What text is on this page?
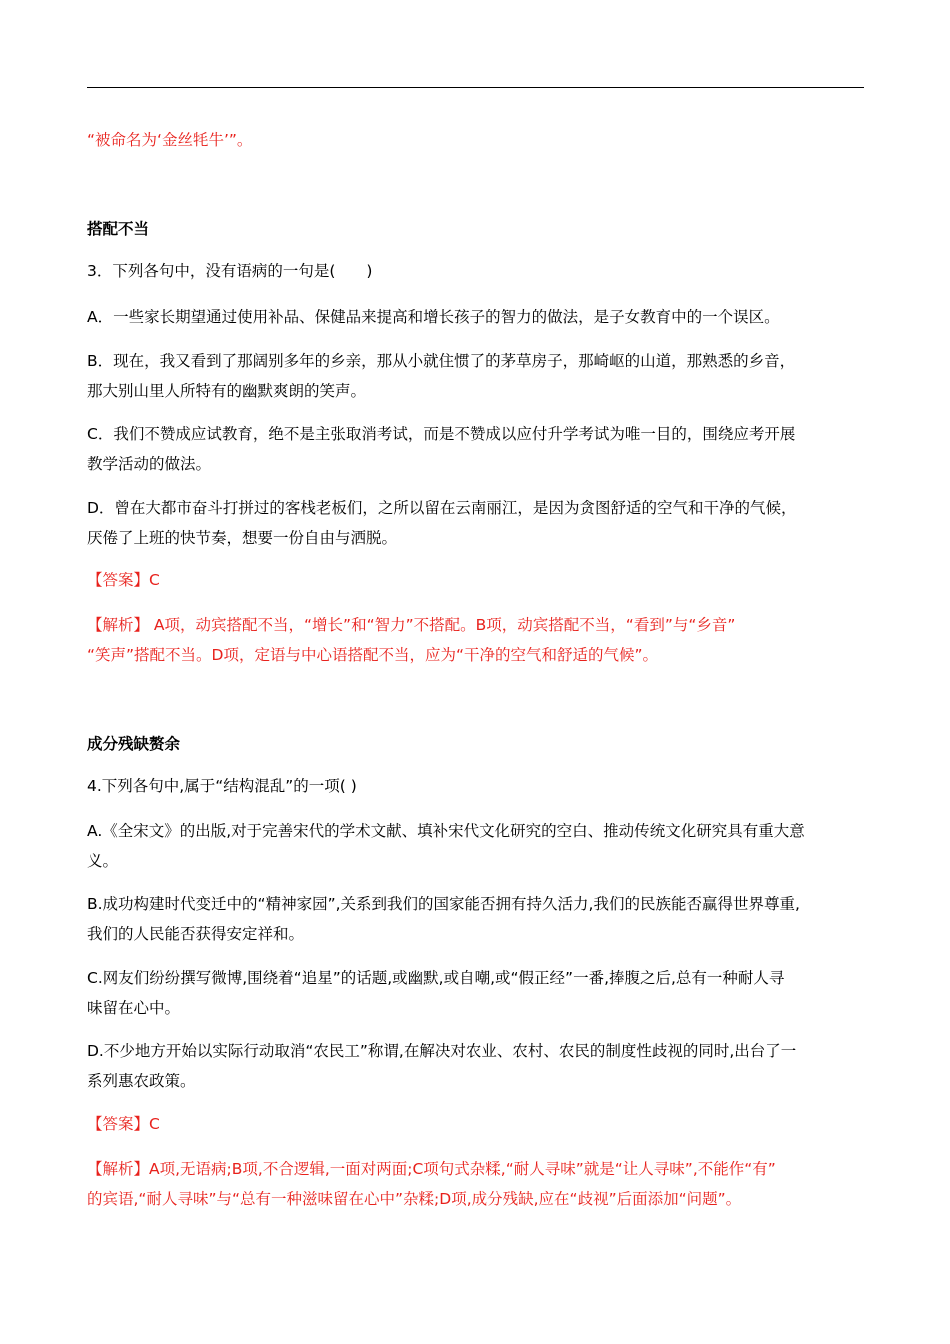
“被命名为‘金丝牦牛’”。
搭配不当
3．下列各句中，没有语病的一句是(　　)
A．一些家长期望通过使用补品、保健品来提高和增长孩子的智力的做法，是子女教育中的一个误区。
B．现在，我又看到了那阔别多年的乡亲，那从小就住惯了的茅草房子，那崎岖的山道，那熟悉的乡音，
那大别山里人所特有的幽默爽朗的笑声。
C．我们不赞成应试教育，绝不是主张取消考试，而是不赞成以应付升学考试为唯一目的，围绕应考开展
教学活动的做法。
D．曾在大都市奋斗打拼过的客栈老板们，之所以留在云南丽江，是因为贪图舒适的空气和干净的气候，
厌倦了上班的快节奏，想要一份自由与洒脱。
【答案】C
【解析】 A项，动宾搭配不当，“增长”和“智力”不搭配。B项，动宾搭配不当，“看到”与“乡音”
“笑声”搭配不当。D项，定语与中心语搭配不当，应为“干净的空气和舒适的气候”。
成分残缺赘余
4.下列各句中,属于“结构混乱”的一项( )
A.《全宋文》的出版,对于完善宋代的学术文献、填补宋代文化研究的空白、推动传统文化研究具有重大意
义。
B.成功构建时代变迁中的“精神家园”,关系到我们的国家能否拥有持久活力,我们的民族能否赢得世界尊重,
我们的人民能否获得安定祥和。
C.网友们纷纷撰写微博,围绕着“追星”的话题,或幽默,或自嘲,或“假正经”一番,捧腹之后,总有一种耐人寻
味留在心中。
D.不少地方开始以实际行动取消“农民工”称谓,在解决对农业、农村、农民的制度性歧视的同时,出台了一
系列惠农政策。
【答案】C
【解析】A项,无语病;B项,不合逻辑,一面对两面;C项句式杂糅,“耐人寻味”就是“让人寻味”,不能作“有”
的宾语,“耐人寻味”与“总有一种滋味留在心中”杂糅;D项,成分残缺,应在“歧视”后面添加“问题”。
